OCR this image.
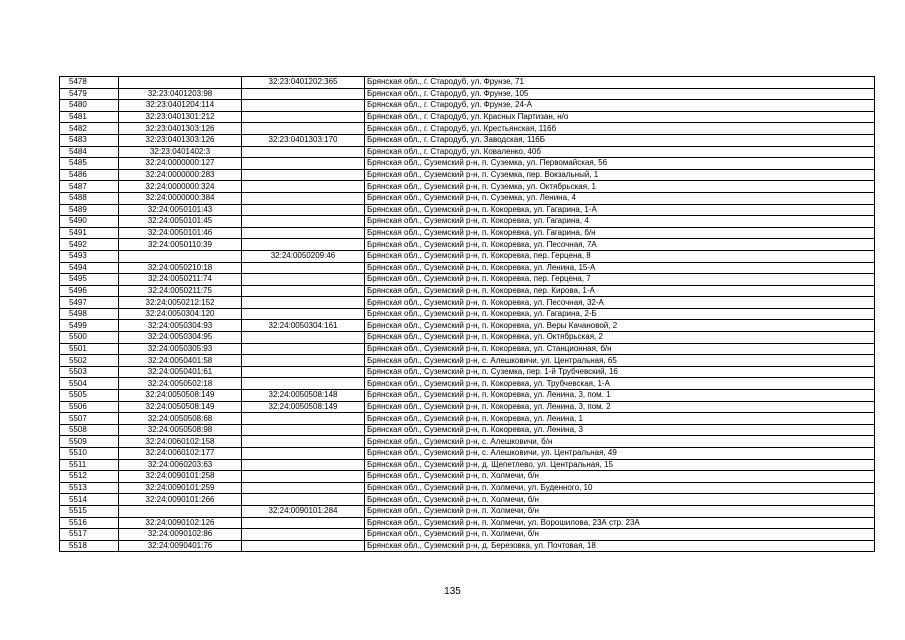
5478		32:23:0401202:365	Брянская обл., г. Стародуб, ул. Фрунзе, 71
5479	32:23:0401203:98		Брянская обл., г. Стародуб, ул. Фрунзе, 105
5480	32:23:0401204:114		Брянская обл., г. Стародуб, ул. Фрунзе, 24-А
5481	32:23:0401301:212		Брянская обл., г. Стародуб, ул. Красных Партизан, н/о
5482	32:23:0401303:126		Брянская обл., г. Стародуб, ул. Крестьянская, 116б
5483	32:23:0401303:126	32:23:0401303:170	Брянская обл., г. Стародуб, ул. Заводская, 116Б
5484	32:23:0401402:3		Брянская обл., г. Стародуб, ул. Коваленко, 40б
5485	32:24:0000000:127		Брянская обл., Суземский р-н, п. Суземка, ул. Первомайская, 56
5486	32:24:0000000:283		Брянская обл., Суземский р-н, п. Суземка, пер. Вокзальный, 1
5487	32:24:0000000:324		Брянская обл., Суземский р-н, п. Суземка, ул. Октябрьская, 1
5488	32:24:0000000:384		Брянская обл., Суземский р-н, п. Суземка, ул. Ленина, 4
5489	32:24:0050101:43		Брянская обл., Суземский р-н, п. Кокоревка, ул. Гагарина, 1-А
5490	32:24:0050101:45		Брянская обл., Суземский р-н, п. Кокоревка, ул. Гагарина, 4
5491	32:24:0050101:46		Брянская обл., Суземский р-н, п. Кокоревка, ул. Гагарина, б/н
5492	32:24:0050110:39		Брянская обл., Суземский р-н, п. Кокоревка, ул. Песочная, 7А
5493		32:24:0050209:46	Брянская обл., Суземский р-н, п. Кокоревка, пер. Герцена, 8
5494	32:24:0050210:18		Брянская обл., Суземский р-н, п. Кокоревка, ул. Ленина, 15-А
5495	32:24:0050211:74		Брянская обл., Суземский р-н, п. Кокоревка, пер. Герцена, 7
5496	32:24:0050211:75		Брянская обл., Суземский р-н, п. Кокоревка, пер. Кирова, 1-А
5497	32:24:0050212:152		Брянская обл., Суземский р-н, п. Кокоревка, ул. Песочная, 32-А
5498	32:24:0050304:120		Брянская обл., Суземский р-н, п. Кокоревка, ул. Гагарина, 2-Б
5499	32:24:0050304:93	32:24:0050304:161	Брянская обл., Суземский р-н, п. Кокоревка, ул. Веры Качановой, 2
5500	32:24:0050304:95		Брянская обл., Суземский р-н, п. Кокоревка, ул. Октябрьская, 2
5501	32:24:0050305:93		Брянская обл., Суземский р-н, п. Кокоревка, ул. Станционная, б/н
5502	32:24:0050401:58		Брянская обл., Суземский р-н, с. Алешковичи, ул. Центральная, 65
5503	32:24:0050401:61		Брянская обл., Суземский р-н, п. Суземка, пер. 1-й Трубчевский, 16
5504	32:24:0050502:18		Брянская обл., Суземский р-н, п. Кокоревка, ул. Трубчевская, 1-А
5505	32:24:0050508:149	32:24:0050508:148	Брянская обл., Суземский р-н, п. Кокоревка, ул. Ленина, 3, пом. 1
5506	32:24:0050508:149	32:24:0050508:149	Брянская обл., Суземский р-н, п. Кокоревка, ул. Ленина, 3, пом. 2
5507	32:24:0050508:68		Брянская обл., Суземский р-н, п. Кокоревка, ул. Ленина, 1
5508	32:24:0050508:98		Брянская обл., Суземский р-н, п. Кокоревка, ул. Ленина, 3
5509	32:24:0060102:158		Брянская обл., Суземский р-н, с. Алешковичи, б/н
5510	32:24:0060102:177		Брянская обл., Суземский р-н, с. Алешковичи, ул. Центральная, 49
5511	32:24:0060203:63		Брянская обл., Суземский р-н, д. Щепетлево, ул. Центральная, 15
5512	32:24:0090101:258		Брянская обл., Суземский р-н, п. Холмечи, б/н
5513	32:24:0090101:259		Брянская обл., Суземский р-н, п. Холмечи, ул. Буденного, 10
5514	32:24:0090101:266		Брянская обл., Суземский р-н, п. Холмечи, б/н
5515		32:24:0090101:284	Брянская обл., Суземский р-н, п. Холмечи, б/н
5516	32:24:0090102:126		Брянская обл., Суземский р-н, п. Холмечи, ул. Ворошилова, 23А стр. 23А
5517	32:24:0090102:86		Брянская обл., Суземский р-н, п. Холмечи, б/н
5518	32:24:0090401:76		Брянская обл., Суземский р-н, д. Березовка, ул. Почтовая, 18
135
